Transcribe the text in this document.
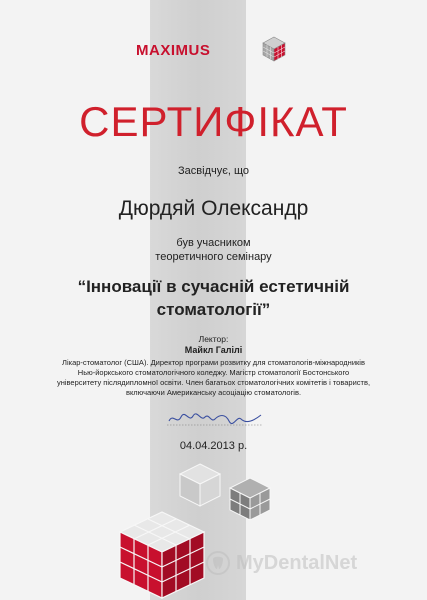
MAXIMUS
СЕРТИФІКАТ
Засвідчує, що
Дюрдяй Олександр
був учасником
теоретичного семінару
“Інновації в сучасній естетичній
стоматології”
Лектор:
Майкл Галілі
Лікар-стоматолог (США). Директор програми розвитку для стоматологів-міжнародників
Нью-йоркського стоматологічного коледжу. Магістр стоматології Бостонського
університету післядипломної освіти. Член багатьох стоматологічних комітетів і товариств,
включаючи Американську асоціацію стоматологів.
04.04.2013 р.
MyDentalNet
